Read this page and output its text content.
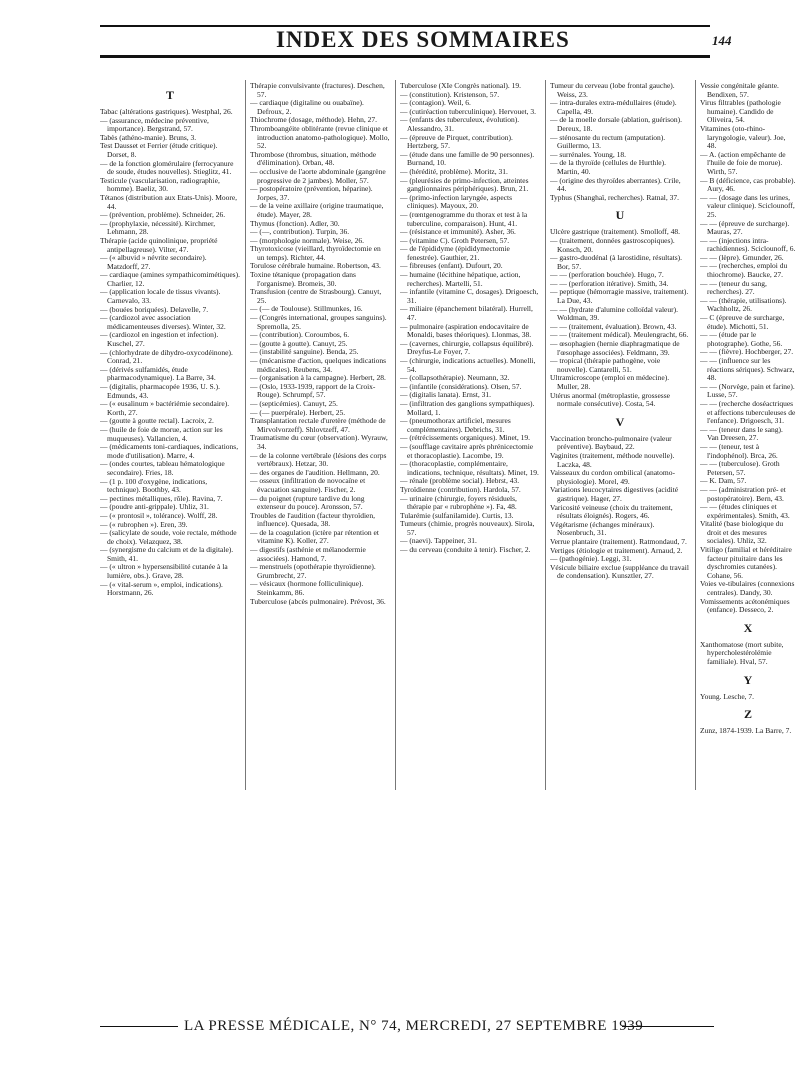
INDEX DES SOMMAIRES	144
T

Tabac (altérations gastriques). Westphal, 26.

— (assurance, médecine préventive, importance). Bergstrand, 57.

Tabès (athéno-manie). Bruns, 3.

Test Dausset et Ferrier (étude critique). Dorset, 8.

— de la fonction glomérulaire (ferrocyanure de soude, études nouvelles). Stieglitz, 41.

Testicule (vascularisation, radiographie, homme). Baeliz, 30.

Tétanos (distribution aux Etats-Unis). Moore, 44.

— (prévention, problème). Schneider, 26.

— (prophylaxie, nécessité). Kirchmer, Lehmann, 28.

Thérapie (acide quinolinique, propriété antipellagreuse). Vilter, 47.

— (« albuvid » névrite secondaire). Matzdorff, 27.

— cardiaque (amines sympathicomimétiques). Charlier, 12.

— (application locale de tissus vivants). Carnevalo, 33.

— (bouées boriquées). Delavelle, 7.

— (cardiozol avec association médicamenteuses diverses). Winter, 32.

— (cardiozol en ingestion et infection). Kuschel, 27.

— (chlorhydrate de dihydro-oxycodéinone). Conrad, 21.

— (dérivés sulfamidés, étude pharmacodynamique). La Barre, 34.

— (digitalis, pharmacopée 1936, U. S.). Edmunds, 43.

— (« eusalinum » bactériémie secondaire). Korth, 27.

— (goutte à goutte rectal). Lacroix, 2.

— (huile de foie de morue, action sur les muqueuses). Vallancien, 4.

— (médicaments toni-cardiaques, indications, mode d'utilisation). Marre, 4.

— (ondes courtes, tableau hématologique secondaire). Fries, 18.

— (1 p. 100 d'oxygène, indications, technique). Boothby, 43.

— pectines métalliques, rôle). Ravina, 7.

— (poudre anti-grippale). Uhliz, 31.

— (« prontosil », tolérance). Wolff, 28.

— (« rubrophen »). Eren, 39.

— (salicylate de soude, voie rectale, méthode de choix). Velazquez, 38.

— (synergisme du calcium et de la digitale). Smith, 41.

— (« ultron » hypersensibilité cutanée à la lumière, obs.). Grave, 28.

— (« vital-serum », emploi, indications). Horstmann, 26.

Thérapie convulsivante (fractures). Deschen, 57.

— cardiaque (digitaline ou ouabaïne). Defroux, 2.

Thiochrome (dosage, méthode). Hehn, 27.

Thromboangéite oblitérante (revue clinique et introduction anatomo-pathologique). Mollo, 52.

Thrombose (thrombus, situation, méthode d'élimination). Orban, 48.

— occlusive de l'aorte abdominale (gangrène progressive de 2 jambes). Moller, 57.

— postopératoire (prévention, héparine). Jorpes, 37.

— de la veine axillaire (origine traumatique, étude). Mayer, 28.

Thymus (fonction). Adler, 30.

— (—, contribution). Turpin, 36.

— (morphologie normale). Weise, 26.

Thyrotoxicose (vieillard, thyroïdectomie en un temps). Richter, 44.

Torulose cérébrale humaine. Robertson, 43.

Toxine tétanique (propagation dans l'organisme). Bromeis, 30.

Transfusion (centre de Strasbourg). Canuyt, 25.

— (— de Toulouse). Stillmunkes, 16.

— (Congrès international, groupes sanguins). Spremolla, 25.

— (contribution). Coroumbos, 6.

— (goutte à goutte). Canuyt, 25.

— (instabilité sanguine). Benda, 25.

— (mécanisme d'action, quelques indications médicales). Reubens, 34.

— (organisation à la campagne). Herbert, 28.

— (Oslo, 1933-1939, rapport de la Croix-Rouge). Schrumpf, 57.

— (septicémies). Canuyt, 25.

— (— puerpérale). Herbert, 25.

Transplantation rectale d'uretère (méthode de Mirvolvorzeff). Shlovtzeff, 47.

Traumatisme du cœur (observation). Wyrauw, 34.

— de la colonne vertébrale (lésions des corps vertébraux). Hetzar, 30.

— des organes de l'audition. Hellmann, 20.

— osseux (infiltration de novocaïne et évacuation sanguine). Fischer, 2.

— du poignet (rupture tardive du long extenseur du pouce). Aronsson, 57.

Troubles de l'audition (facteur thyroïdien, influence). Quesada, 38.

— de la coagulation (ictère par rétention et vitamine K). Koller, 27.

— digestifs (asthénie et mélanodermie associées). Hamond, 7.

— menstruels (opothérapie thyroïdienne). Grumbrecht, 27.

— vésicaux (hormone folliculinique). Steinkamm, 86.

Tuberculose (abcès pulmonaire). Prévost, 36.

Tuberculose (XIe Congrès national). 19.

— (constitution). Kristenson, 57.

— (contagion). Weil, 6.

— (cutiréaction tuberculinique). Hervouet, 3.

— (enfants des tuberculeux, évolution). Alessandro, 31.

— (épreuve de Pirquet, contribution). Hertzberg, 57.

— (étude dans une famille de 90 personnes). Burnand, 10.

— (hérédité, problème). Moritz, 31.

— (pleurésies de primo-infection, atteintes ganglionnaires périphériques). Brun, 21.

— (primo-infection laryngée, aspects cliniques). Mayoux, 20.

— (rœntgenogramme du thorax et test à la tuberculine, comparaison). Hunt, 41.

— (résistance et immunité). Asher, 36.

— (vitamine C). Groth Petersen, 57.

— de l'épididyme (épididymectomie fenestrée). Gauthier, 21.

— fibreuses (enfant). Dufourt, 20.

— humaine (lécithine hépatique, action, recherches). Martelli, 51.

— infantile (vitamine C, dosages). Drigoesch, 31.

— miliaire (épanchement bilatéral). Hurrell, 47.

— pulmonaire (aspiration endocavitaire de Monaldi, bases théoriques). Llonmas, 38.

— (cavernes, chirurgie, collapsus équilibré). Dreyfus-Le Foyer, 7.

— (chirurgie, indications actuelles). Monelli, 54.

— (collapsothérapie). Neumann, 32.

— (infantile (considérations). Olsen, 57.

— (digitalis lanata). Ernst, 31.

— (infiltration des ganglions sympathiques). Mollard, 1.

— (pneumothorax artificiel, mesures complémentaires). Debrichs, 31.

— (rétrécissements organiques). Minet, 19.

— (soufflage cavitaire après phrénicectomie et thoracoplastie). Lacombe, 19.

— (thoracoplastie, complémentaire, indications, technique, résultats). Minet, 19.

— rénale (problème social). Hebrst, 43.

Tyroïdienne (contribution). Hardola, 57.

— urinaire (chirurgie, foyers résiduels, thérapie par « rubrophène »). Fa, 48.

Tularémie (sulfanilamide). Curtis, 13.

Tumeurs (chimie, progrès nouveaux). Sirola, 57.

— (naevi). Tappeiner, 31.

— du cerveau (conduite à tenir). Fischer, 2.

Tumeur du cerveau (lobe frontal gauche). Weiss, 23.

— intra-durales extra-médullaires (étude). Capella, 49.

— de la moelle dorsale (ablation, guérison). Dereux, 18.

— sténosante du rectum (amputation). Guillermo, 13.

— surrénales. Young, 18.

— de la thyroïde (cellules de Hurthle). Martin, 40.

— (origine des thyroïdes aberrantes). Crile, 44.

Typhus (Shanghaï, recherches). Ratnal, 37.

U

Ulcère gastrique (traitement). Smolloff, 48.

— (traitement, données gastroscopiques). Konsch, 20.

— gastro-duodénal (à larostidine, résultats). Bor, 57.

— — (perforation bouchée). Hugo, 7.

— — (perforation itérative). Smith, 34.

— peptique (hémorragie massive, traitement). La Due, 43.

— — (hydrate d'alumine colloïdal valeur). Woldman, 39.

— — (traitement, évaluation). Brown, 43.

— — (traitement médical). Meulengracht, 66.

— œsophagien (hernie diaphragmatique de l'œsophage associées). Feldmann, 39.

— tropical (thérapie pathogène, voie nouvelle). Cantarelli, 51.

Ultramicroscope (emploi en médecine). Muller, 28.

Utérus anormal (métroplastie, grossesse normale consécutive). Costa, 54.

V

Vaccination broncho-pulmonaire (valeur préventive). Baybaud, 22.

Vaginites (traitement, méthode nouvelle). Laczka, 48.

Vaisseaux du cordon ombilical (anatomo-physiologie). Morel, 49.

Variations leucocytaires digestives (acidité gastrique). Hager, 27.

Varicosité veineuse (choix du traitement, résultats éloignés). Rogers, 46.

Végétarisme (échanges minéraux). Nosenbruch, 31.

Verrue plantaire (traitement). Ratmondaud, 7.

Vertiges (étiologie et traitement). Arnaud, 2.

— (pathogénie). Leggi, 31.

Vésicule biliaire exclue (suppléance du travail de condensation). Kunsztler, 27.

Vessie congénitale géante. Bendixen, 57.

Virus filtrables (pathologie humaine). Candido de Oliveira, 54.

Vitamines (oto-rhino-laryngologie, valeur). Joe, 48.

— A. (action empêchante de l'huile de foie de morue). Wirth, 57.

— B (déficience, cas probable). Aury, 46.

— — (dosage dans les urines, valeur clinique). Sciclounoff, 25.

— — (épreuve de surcharge). Mauras, 27.

— — (injections intra-rachidiennes). Sciclounoff, 6.

— — (lèpre). Gmunder, 26.

— — (recherches, emploi du thiochrome). Baucke, 27.

— — (teneur du sang, recherches). 27.

— — (thérapie, utilisations). Wachholtz, 26.

— C (épreuve de surcharge, étude). Michotti, 51.

— — (étude par le photographe). Gothe, 56.

— — (fièvre). Hochberger, 27.

— — (influence sur les réactions sériques). Schwarz, 48.

— — (Norvège, pain et farine). Lusse, 57.

— — (recherche doséactriques et affections tuberculeuses de l'enfance). Drigoesch, 31.

— — (teneur dans le sang). Van Dreesen, 27.

— — (teneur, test à l'indophénol). Brca, 26.

— — (tuberculose). Groth Petersen, 57.

— K. Dam, 57.

— — (administration pré- et postopératoire). Bern, 43.

— — (études cliniques et expérimentales). Smith, 43.

Vitalité (base biologique du droit et des mesures sociales). Uhliz, 32.

Vitiligo (familial et héréditaire facteur pituitaire dans les dyschromies cutanées). Cohane, 56.

Voies ve-tibulaires (connexions centrales). Dandy, 30.

Vomissements acétonémiques (enfance). Desseco, 2.

X

Xanthomatose (mort subite, hypercholestérolémie familiale). Hval, 57.

Y

Young. Lesche, 7.

Z

Zunz, 1874-1939. La Barre, 7.

LA PRESSE MÉDICALE, N° 74, MERCREDI, 27 SEPTEMBRE 1939
